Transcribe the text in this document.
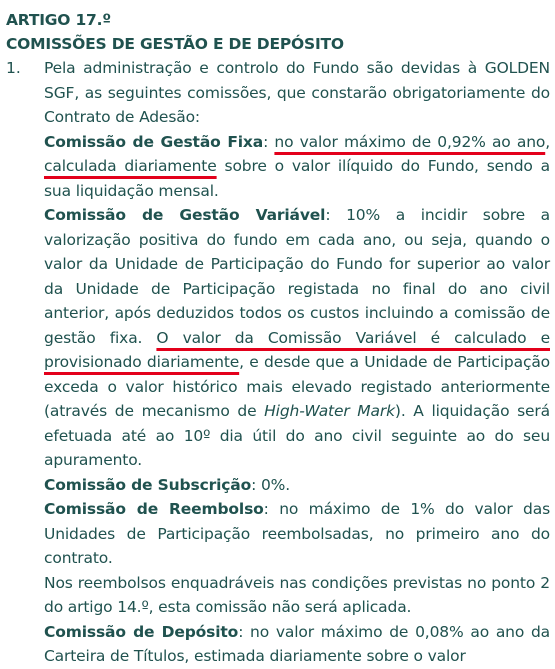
ARTIGO 17.º
COMISSÕES DE GESTÃO E DE DEPÓSITO
1. Pela administração e controlo do Fundo são devidas à GOLDEN SGF, as seguintes comissões, que constarão obrigatoriamente do Contrato de Adesão:

Comissão de Gestão Fixa: no valor máximo de 0,92% ao ano, calculada diariamente sobre o valor ilíquido do Fundo, sendo a sua liquidação mensal.

Comissão de Gestão Variável: 10% a incidir sobre a valorização positiva do fundo em cada ano, ou seja, quando o valor da Unidade de Participação do Fundo for superior ao valor da Unidade de Participação registada no final do ano civil anterior, após deduzidos todos os custos incluindo a comissão de gestão fixa. O valor da Comissão Variável é calculado e provisionado diariamente, e desde que a Unidade de Participação exceda o valor histórico mais elevado registado anteriormente (através de mecanismo de High-Water Mark). A liquidação será efetuada até ao 10º dia útil do ano civil seguinte ao do seu apuramento.

Comissão de Subscrição: 0%.

Comissão de Reembolso: no máximo de 1% do valor das Unidades de Participação reembolsadas, no primeiro ano do contrato.

Nos reembolsos enquadráveis nas condições previstas no ponto 2 do artigo 14.º, esta comissão não será aplicada.

Comissão de Depósito: no valor máximo de 0,08% ao ano da Carteira de Títulos, estimada diariamente sobre o valor
